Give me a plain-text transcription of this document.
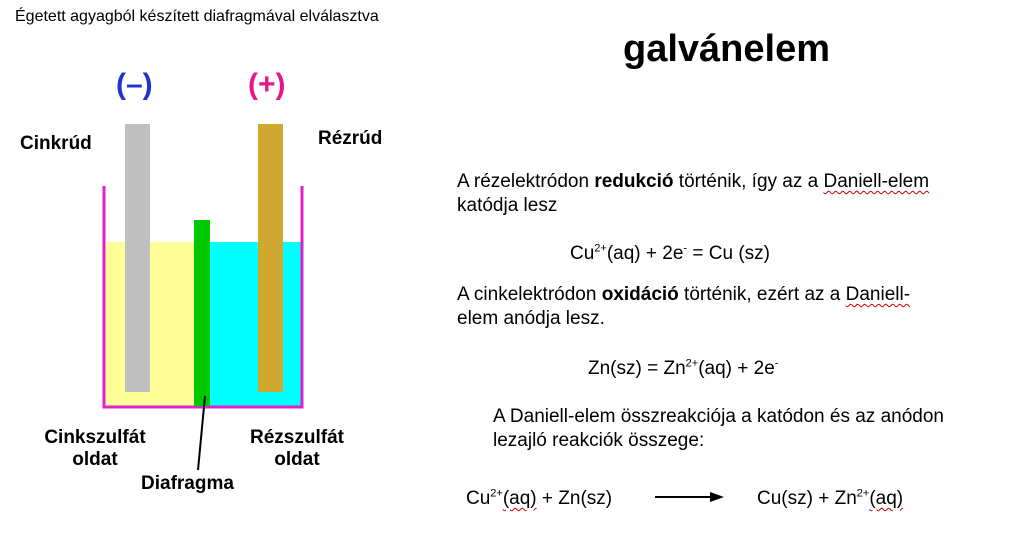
Égetett agyagból készített diafragmával elválasztva
galvánelem
(–)	(+)
Cinkrúd	Rézrúd
Cinkszulfát
oldat
Rézszulfát
oldat
Diafragma
A rézelektródon redukció történik, így az a Daniell-elem
katódja lesz
$Cu^{2+}(aq) + 2e^- = Cu$ (sz)
A cinkelektródon oxidáció történik, ezért az a Daniell-
elem anódja lesz.
$Zn(sz) = Zn^{2+}(aq) + 2e^-$
A Daniell-elem összreakciója a katódon és az anódon
lezajló reakciók összege:
$Cu^{2+}(aq) + Zn(sz)$	$Cu(sz) + Zn^{2+}(aq)$
